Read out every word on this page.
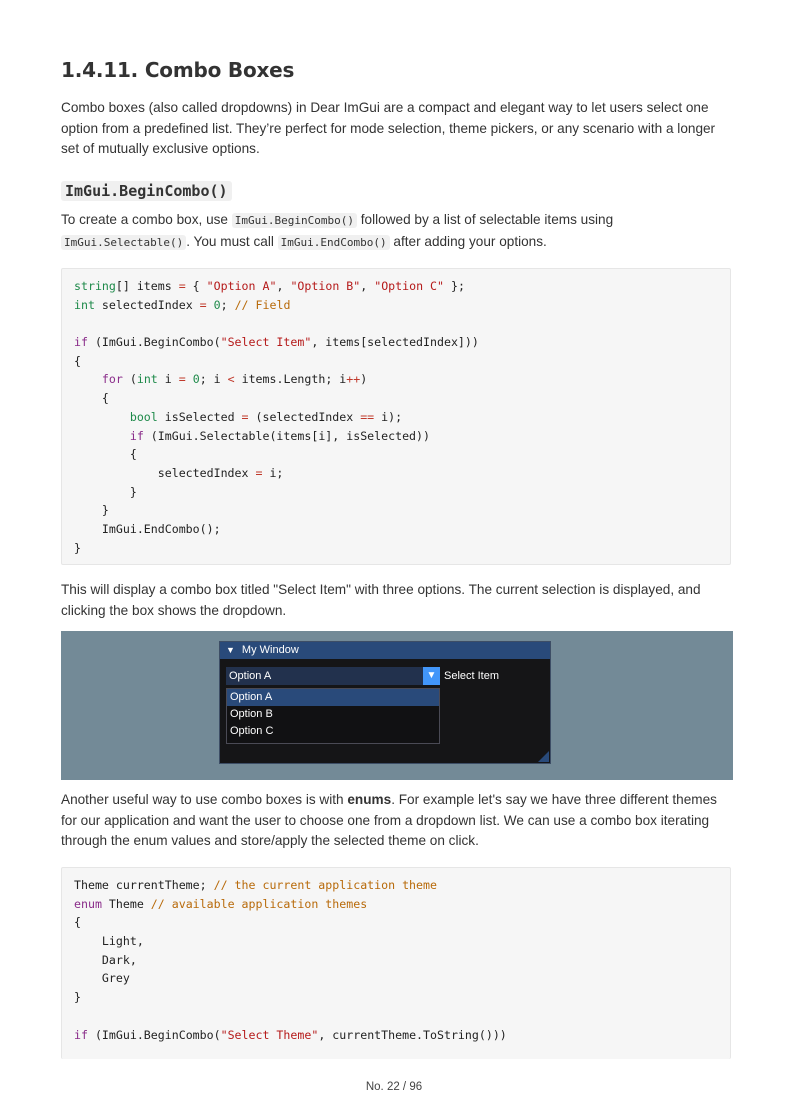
1.4.11. Combo Boxes

Combo boxes (also called dropdowns) in Dear ImGui are a compact and elegant way to let users select one option from a predefined list. They’re perfect for mode selection, theme pickers, or any scenario with a longer set of mutually exclusive options.

ImGui.BeginCombo()

To create a combo box, use ImGui.BeginCombo() followed by a list of selectable items using ImGui.Selectable() . You must call ImGui.EndCombo() after adding your options.

string[] items = { "Option A", "Option B", "Option C" };
int selectedIndex = 0; // Field

if (ImGui.BeginCombo("Select Item", items[selectedIndex]))
{
for (int i = 0; i < items.Length; i++)
{
bool isSelected = (selectedIndex == i);
if (ImGui.Selectable(items[i], isSelected))
{
selectedIndex = i;
}
}
ImGui.EndCombo();
}

This will display a combo box titled "Select Item" with three options. The current selection is displayed, and clicking the box shows the dropdown.

▼ My Window
Option A	▼ Select Item
Option A
Option B
Option C

Another useful way to use combo boxes is with enums. For example let's say we have three different themes for our application and want the user to choose one from a dropdown list. We can use a combo box iterating through the enum values and store/apply the selected theme on click.

Theme currentTheme; // the current application theme
enum Theme // available application themes
{
Light,
Dark,
Grey
}

if (ImGui.BeginCombo("Select Theme", currentTheme.ToString()))
No. 22 / 96
